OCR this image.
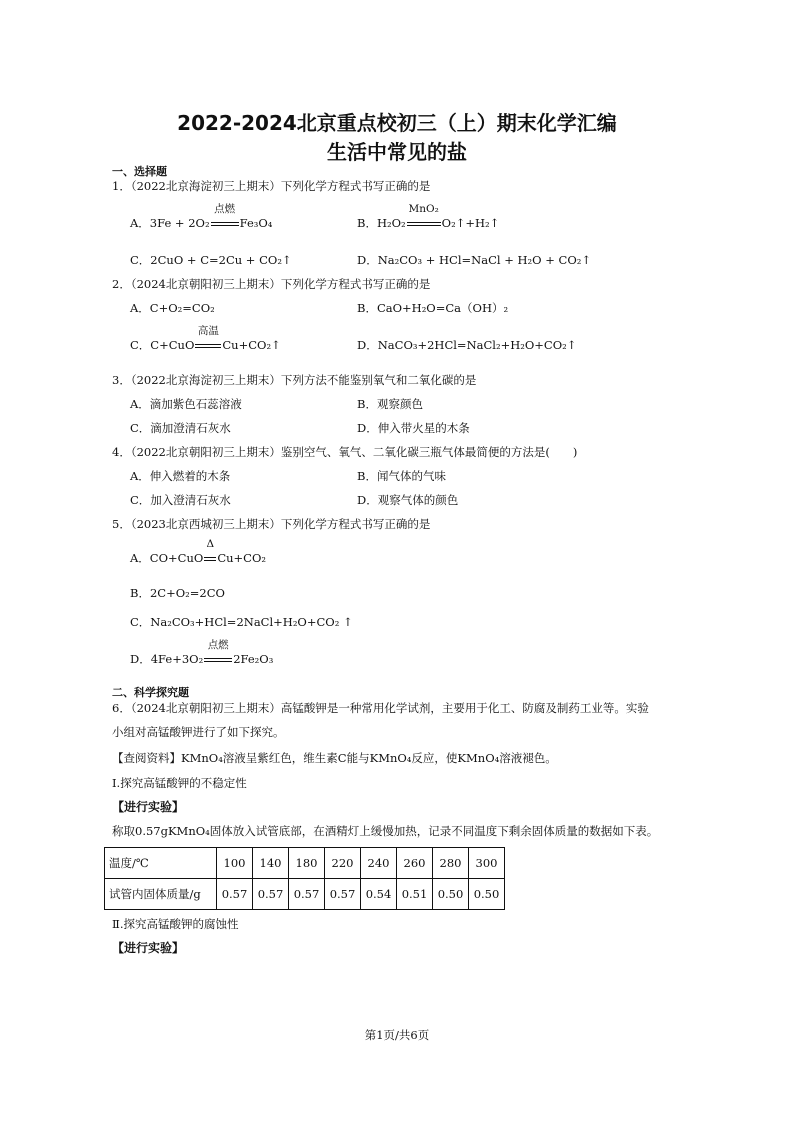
2022-2024北京重点校初三（上）期末化学汇编
生活中常见的盐
一、选择题
1．（2022北京海淀初三上期末）下列化学方程式书写正确的是
A．3Fe + 2O₂
点燃
Fe₃O₄	B．H₂O₂
MnO₂
O₂↑+H₂↑
C．2CuO + C=2Cu + CO₂↑	D．Na₂CO₃ + HCl=NaCl + H₂O + CO₂↑
2．（2024北京朝阳初三上期末）下列化学方程式书写正确的是
A．C+O₂=CO₂	B．CaO+H₂O=Ca（OH）₂
C．C+CuO
高温
Cu+CO₂↑	D．NaCO₃+2HCl=NaCl₂+H₂O+CO₂↑
3．（2022北京海淀初三上期末）下列方法不能鉴别氧气和二氧化碳的是
A．滴加紫色石蕊溶液	B．观察颜色
C．滴加澄清石灰水	D．伸入带火星的木条
4．（2022北京朝阳初三上期末）鉴别空气、氧气、二氧化碳三瓶气体最简便的方法是(　　)
A．伸入燃着的木条	B．闻气体的气味
C．加入澄清石灰水	D．观察气体的颜色
5．（2023北京西城初三上期末）下列化学方程式书写正确的是
A．CO+CuO
Δ
Cu+CO₂
B．2C+O₂=2CO
C．Na₂CO₃+HCl=2NaCl+H₂O+CO₂ ↑
D．4Fe+3O₂
点燃
2Fe₂O₃
二、科学探究题
6．（2024北京朝阳初三上期末）高锰酸钾是一种常用化学试剂，主要用于化工、防腐及制药工业等。实验
小组对高锰酸钾进行了如下探究。
【查阅资料】KMnO₄溶液呈紫红色，维生素C能与KMnO₄反应，使KMnO₄溶液褪色。
Ⅰ.探究高锰酸钾的不稳定性
【进行实验】
称取0.57gKMnO₄固体放入试管底部，在酒精灯上缓慢加热，记录不同温度下剩余固体质量的数据如下表。
温度/℃	100	140	180	220	240	260	280	300
试管内固体质量/g	0.57	0.57	0.57	0.57	0.54	0.51	0.50	0.50
Ⅱ.探究高锰酸钾的腐蚀性
【进行实验】
第1页/共6页
